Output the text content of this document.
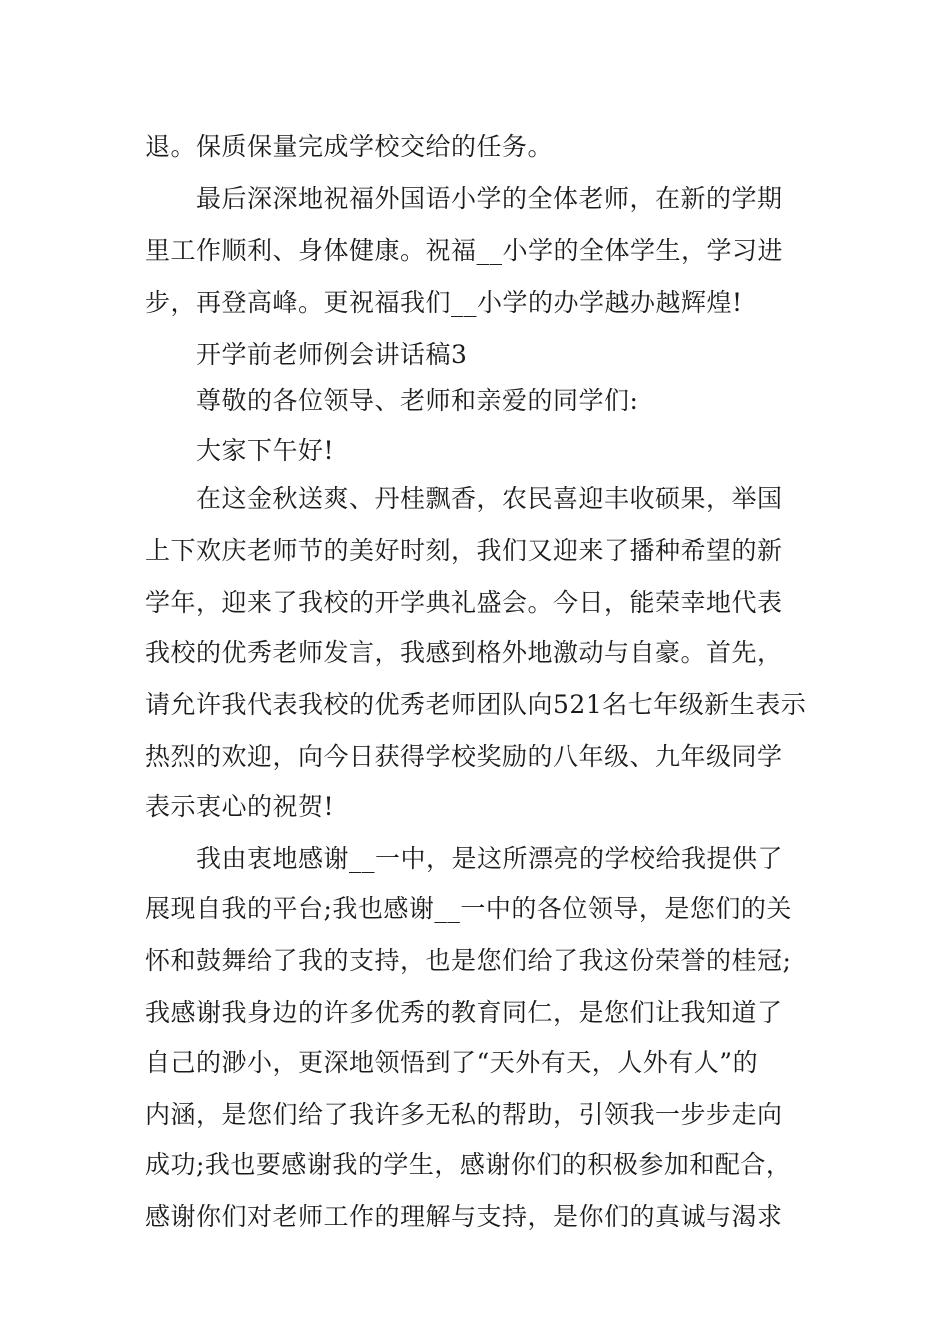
退。保质保量完成学校交给的任务。

最后深深地祝福外国语小学的全体老师，在新的学期

里工作顺利、身体健康。祝福__小学的全体学生，学习进

步，再登高峰。更祝福我们__小学的办学越办越辉煌!

开学前老师例会讲话稿3

尊敬的各位领导、老师和亲爱的同学们:

大家下午好!

在这金秋送爽、丹桂飘香，农民喜迎丰收硕果，举国

上下欢庆老师节的美好时刻，我们又迎来了播种希望的新

学年，迎来了我校的开学典礼盛会。今日，能荣幸地代表

我校的优秀老师发言，我感到格外地激动与自豪。首先，

请允许我代表我校的优秀老师团队向521名七年级新生表示

热烈的欢迎，向今日获得学校奖励的八年级、九年级同学

表示衷心的祝贺!

我由衷地感谢__一中，是这所漂亮的学校给我提供了

展现自我的平台;我也感谢__一中的各位领导，是您们的关

怀和鼓舞给了我的支持，也是您们给了我这份荣誉的桂冠;

我感谢我身边的许多优秀的教育同仁，是您们让我知道了

自己的渺小，更深地领悟到了“天外有天，人外有人”的

内涵，是您们给了我许多无私的帮助，引领我一步步走向

成功;我也要感谢我的学生，感谢你们的积极参加和配合，

感谢你们对老师工作的理解与支持，是你们的真诚与渴求
